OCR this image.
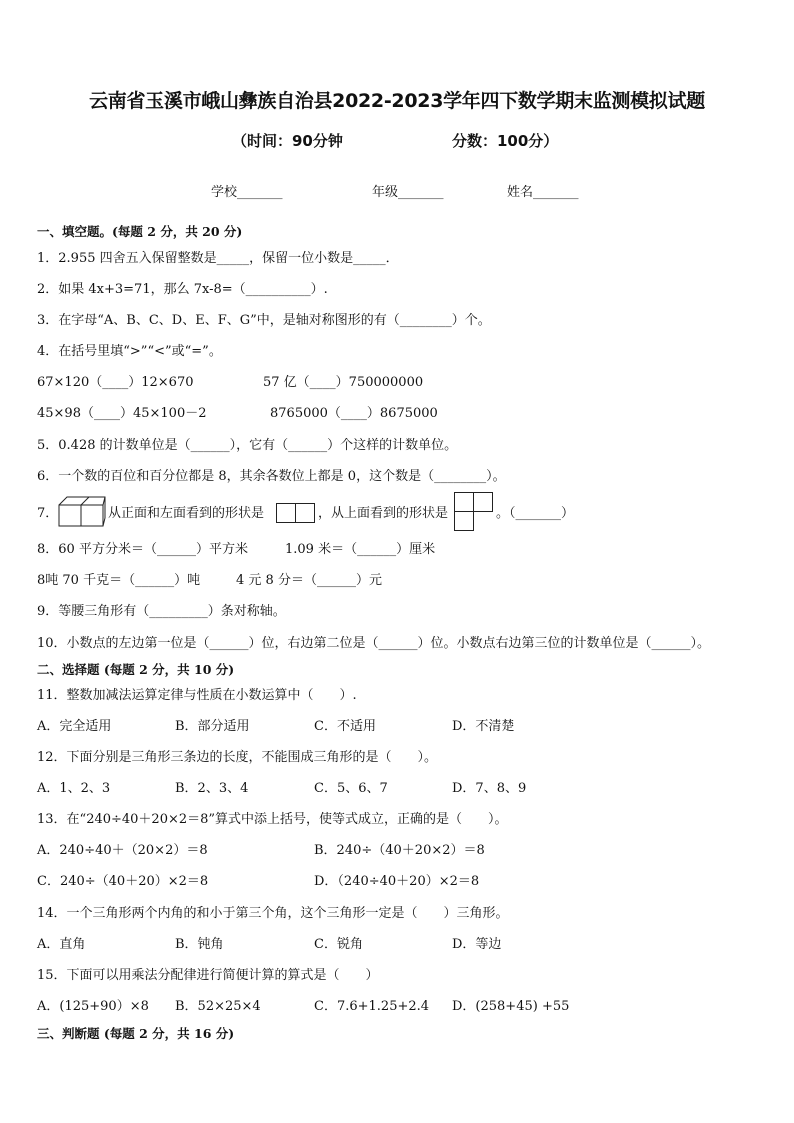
云南省玉溪市峨山彝族自治县2022-2023学年四下数学期末监测模拟试题
（时间：90分钟	分数：100分）
学校_______	年级_______	姓名_______
一、填空题。(每题 2 分，共 20 分)
1．2.955 四舍五入保留整数是_____，保留一位小数是_____．
2．如果 4x+3=71，那么 7x-8=（__________）.
3．在字母“A、B、C、D、E、F、G”中，是轴对称图形的有（________）个。
4．在括号里填“>”“<”或“=”。
67×120（____）12×670	57 亿（____）750000000
45×98（____）45×100－2	8765000（____）8675000
5．0.428 的计数单位是（______），它有（______）个这样的计数单位。
6．一个数的百位和百分位都是 8，其余各数位上都是 0，这个数是（________）。
7．	从正面和左面看到的形状是	，从上面看到的形状是	。（_______）
8．60 平方分米＝（______）平方米	1.09 米＝（______）厘米
8吨 70 千克＝（______）吨	4 元 8 分＝（______）元
9．等腰三角形有（_________）条对称轴。
10．小数点的左边第一位是（______）位，右边第二位是（______）位。小数点右边第三位的计数单位是（______）。
二、选择题 (每题 2 分，共 10 分)
11．整数加减法运算定律与性质在小数运算中（　　）.
A．完全适用	B．部分适用	C．不适用	D．不清楚
12．下面分别是三角形三条边的长度，不能围成三角形的是（　　）。
A．1、2、3	B．2、3、4	C．5、6、7	D．7、8、9
13．在“240÷40＋20×2＝8”算式中添上括号，使等式成立，正确的是（　　）。
A．240÷40＋（20×2）＝8	B．240÷（40＋20×2）＝8
C．240÷（40＋20）×2＝8	D．（240÷40＋20）×2＝8
14．一个三角形两个内角的和小于第三个角，这个三角形一定是（　　）三角形。
A．直角	B．钝角	C．锐角	D．等边
15．下面可以用乘法分配律进行简便计算的算式是（　　）
A．(125+90）×8 B．52×25×4	C．7.6+1.25+2.4 D．(258+45) +55
三、判断题 (每题 2 分，共 16 分)
